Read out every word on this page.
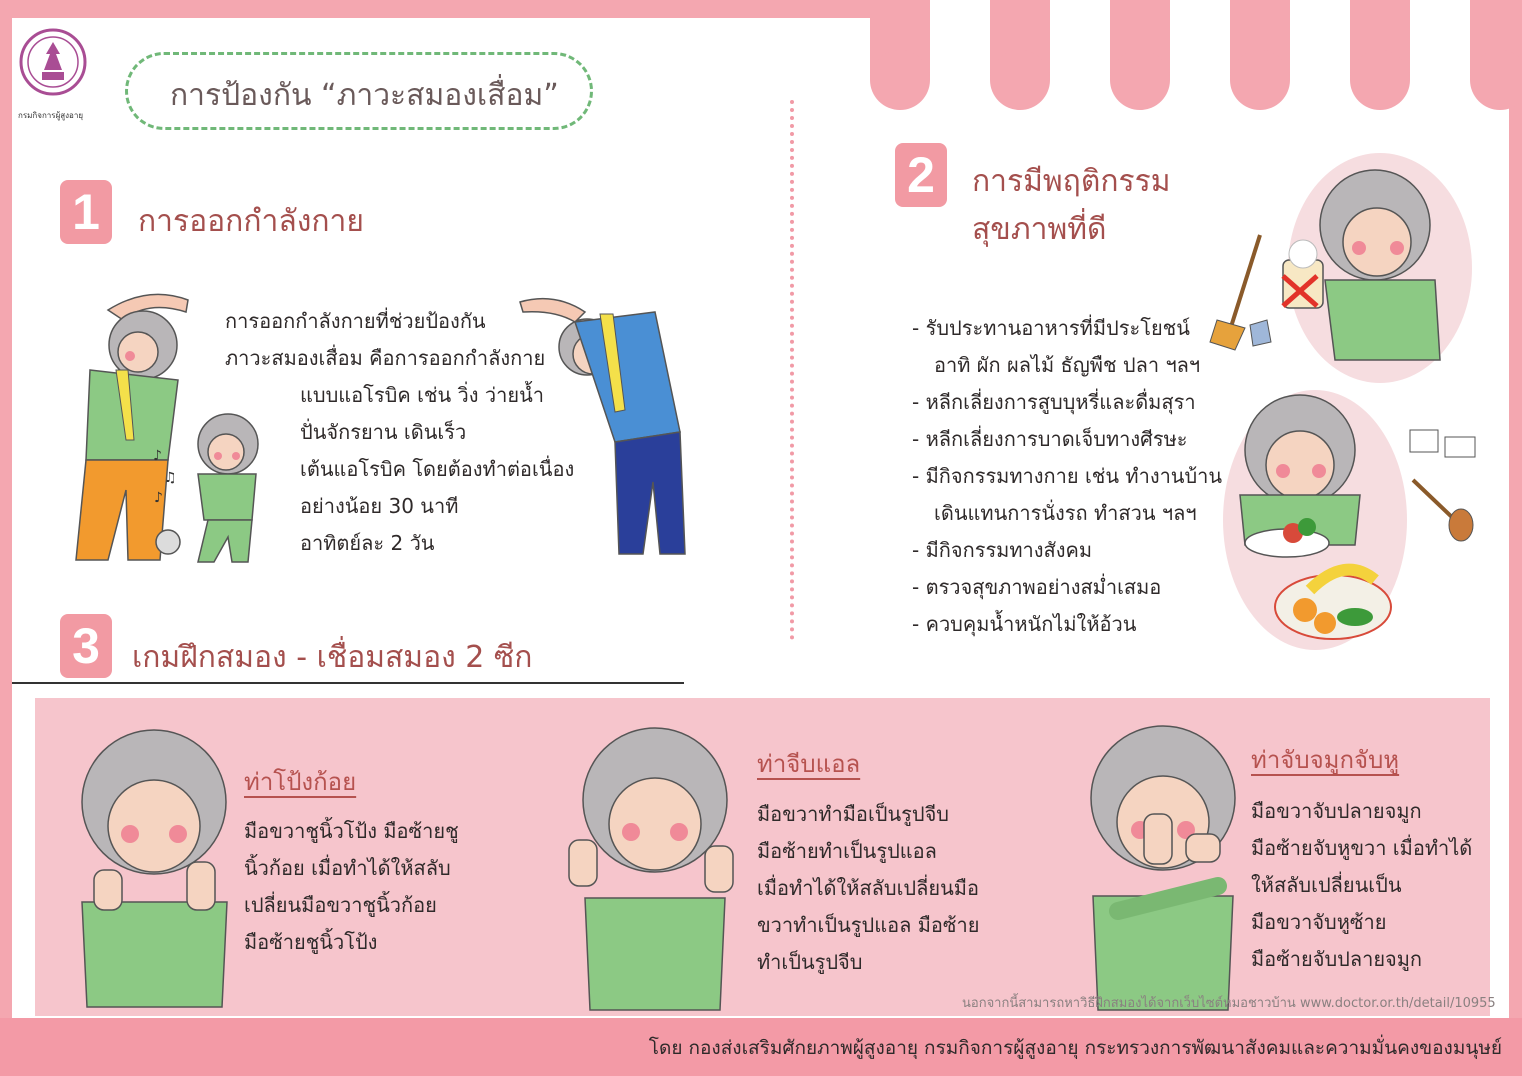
กรมกิจการผู้สูงอายุ
การป้องกัน “ภาวะสมองเสื่อม”
1	การออกกำลังกาย
การออกกำลังกายที่ช่วยป้องกัน
ภาวะสมองเสื่อม คือการออกกำลังกาย
แบบแอโรบิค เช่น วิ่ง ว่ายน้ำ
ปั่นจักรยาน เดินเร็ว
เต้นแอโรบิค โดยต้องทำต่อเนื่อง
อย่างน้อย 30 นาที
อาทิตย์ละ 2 วัน
♪
♫
♪
3	เกมฝึกสมอง - เชื่อมสมอง 2 ซีก
2	การมีพฤติกรรม
สุขภาพที่ดี
- รับประทานอาหารที่มีประโยชน์
อาทิ ผัก ผลไม้ ธัญพืช ปลา ฯลฯ
- หลีกเลี่ยงการสูบบุหรี่และดื่มสุรา
- หลีกเลี่ยงการบาดเจ็บทางศีรษะ
- มีกิจกรรมทางกาย เช่น ทำงานบ้าน
เดินแทนการนั่งรถ ทำสวน ฯลฯ
- มีกิจกรรมทางสังคม
- ตรวจสุขภาพอย่างสม่ำเสมอ
- ควบคุมน้ำหนักไม่ให้อ้วน
ท่าโป้งก้อย
มือขวาชูนิ้วโป้ง มือซ้ายชู
นิ้วก้อย เมื่อทำได้ให้สลับ
เปลี่ยนมือขวาชูนิ้วก้อย
มือซ้ายชูนิ้วโป้ง
ท่าจีบแอล
มือขวาทำมือเป็นรูปจีบ
มือซ้ายทำเป็นรูปแอล
เมื่อทำได้ให้สลับเปลี่ยนมือ
ขวาทำเป็นรูปแอล มือซ้าย
ทำเป็นรูปจีบ
ท่าจับจมูกจับหู
มือขวาจับปลายจมูก
มือซ้ายจับหูขวา เมื่อทำได้
ให้สลับเปลี่ยนเป็น
มือขวาจับหูซ้าย
มือซ้ายจับปลายจมูก
นอกจากนี้สามารถหาวิธีฝึกสมองได้จากเว็บไซต์หมอชาวบ้าน www.doctor.or.th/detail/10955
โดย กองส่งเสริมศักยภาพผู้สูงอายุ กรมกิจการผู้สูงอายุ กระทรวงการพัฒนาสังคมและความมั่นคงของมนุษย์
